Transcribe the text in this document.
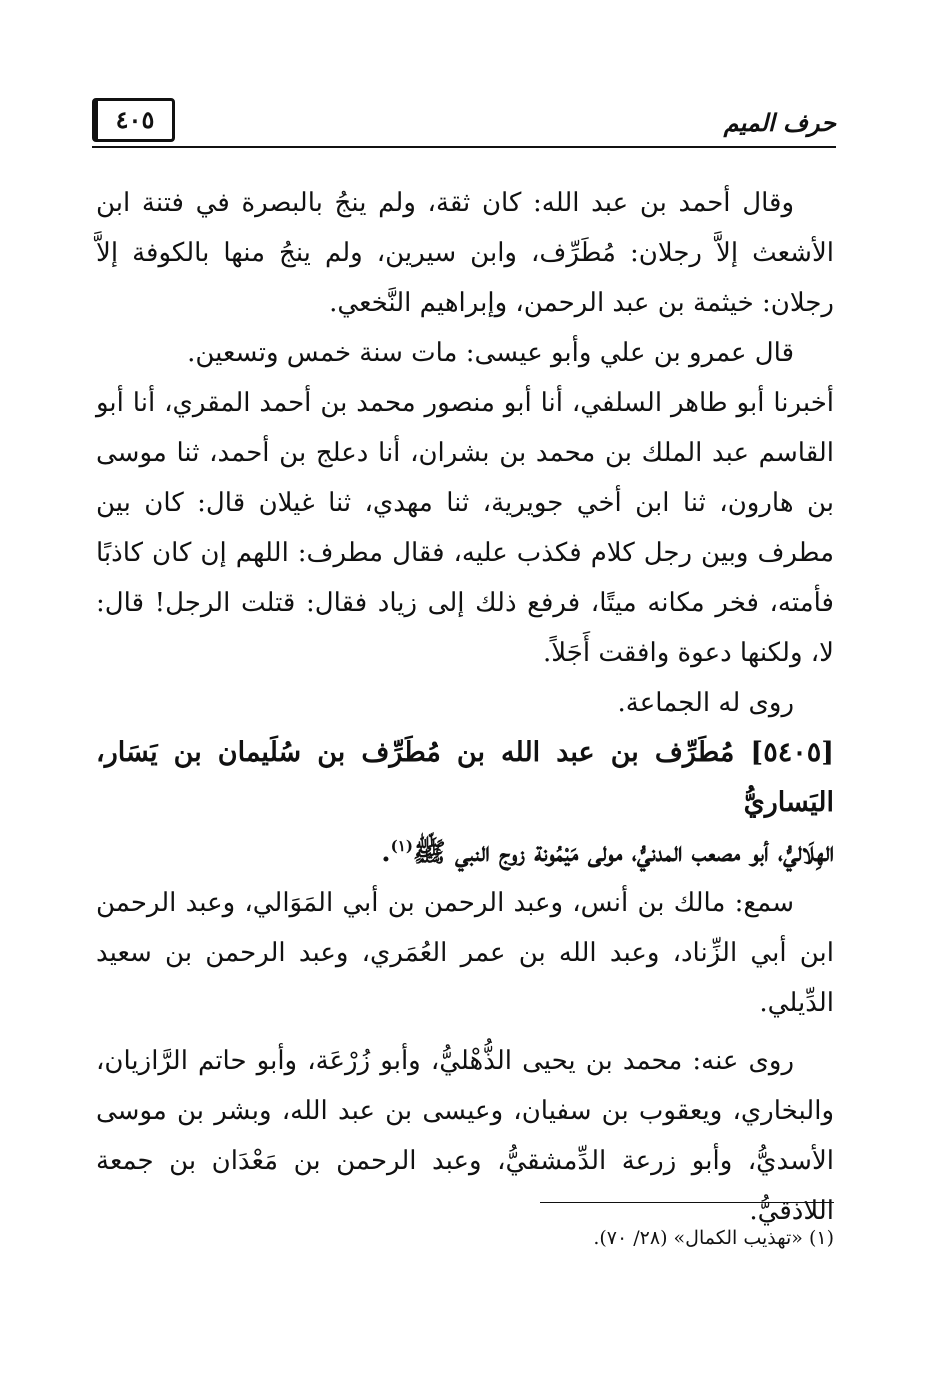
٤٠٥	حرف الميم

وقال أحمد بن عبد الله: كان ثقة، ولم ينجُ بالبصرة في فتنة ابن الأشعث إلاَّ رجلان: مُطَرِّف، وابن سيرين، ولم ينجُ منها بالكوفة إلاَّ رجلان: خيثمة بن عبد الرحمن، وإبراهيم النَّخعي.

قال عمرو بن علي وأبو عيسى: مات سنة خمس وتسعين.

أخبرنا أبو طاهر السلفي، أنا أبو منصور محمد بن أحمد المقري، أنا أبو القاسم عبد الملك بن محمد بن بشران، أنا دعلج بن أحمد، ثنا موسى بن هارون، ثنا ابن أخي جويرية، ثنا مهدي، ثنا غيلان قال: كان بين مطرف وبين رجل كلام فكذب عليه، فقال مطرف: اللهم إن كان كاذبًا فأمته، فخر مكانه ميتًا، فرفع ذلك إلى زياد فقال: قتلت الرجل! قال: لا، ولكنها دعوة وافقت أَجَلاً.

روى له الجماعة.

[٥٤٠٥] مُطَرِّف بن عبد الله بن مُطَرِّف بن سُلَيمان بن يَسَار، اليَساريُّ

الهِلَاليُّ، أبو مصعب المدنيُّ، مولى مَيْمُونة زوج النبي ﷺ$^{(١)}$.

سمع: مالك بن أنس، وعبد الرحمن بن أبي المَوَالي، وعبد الرحمن ابن أبي الزِّناد، وعبد الله بن عمر العُمَري، وعبد الرحمن بن سعيد الدِّيلي.

روى عنه: محمد بن يحيى الذُّهْليُّ، وأبو زُرْعَة، وأبو حاتم الرَّازيان، والبخاري، ويعقوب بن سفيان، وعيسى بن عبد الله، وبشر بن موسى الأسديُّ، وأبو زرعة الدِّمشقيُّ، وعبد الرحمن بن مَعْدَان بن جمعة اللاذقيُّ.

(١) «تهذيب الكمال» (٢٨/ ٧٠).
